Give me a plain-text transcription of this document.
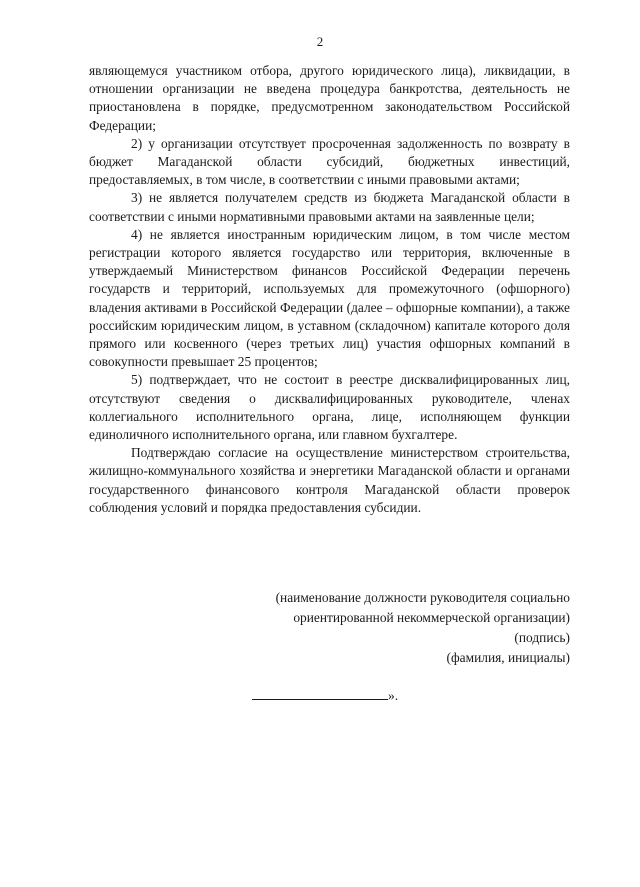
2

являющемуся участником отбора, другого юридического лица), ликвидации, в отношении организации не введена процедура банкротства, деятельность не приостановлена в порядке, предусмотренном законодательством Российской Федерации;

2) у организации отсутствует просроченная задолженность по возврату в бюджет Магаданской области субсидий, бюджетных инвестиций, предоставляемых, в том числе, в соответствии с иными правовыми актами;

3) не является получателем средств из бюджета Магаданской области в соответствии с иными нормативными правовыми актами на заявленные цели;

4) не является иностранным юридическим лицом, в том числе местом регистрации которого является государство или территория, включенные в утверждаемый Министерством финансов Российской Федерации перечень государств и территорий, используемых для промежуточного (офшорного) владения активами в Российской Федерации (далее – офшорные компании), а также российским юридическим лицом, в уставном (складочном) капитале которого доля прямого или косвенного (через третьих лиц) участия офшорных компаний в совокупности превышает 25 процентов;

5) подтверждает, что не состоит в реестре дисквалифицированных лиц, отсутствуют сведения о дисквалифицированных руководителе, членах коллегиального исполнительного органа, лице, исполняющем функции единоличного исполнительного органа, или главном бухгалтере.

Подтверждаю согласие на осуществление министерством строительства, жилищно-коммунального хозяйства и энергетики Магаданской области и органами государственного финансового контроля Магаданской области проверок соблюдения условий и порядка предоставления субсидии.

(наименование должности руководителя социально
ориентированной некоммерческой организации)
(подпись)
(фамилия, инициалы)
».
